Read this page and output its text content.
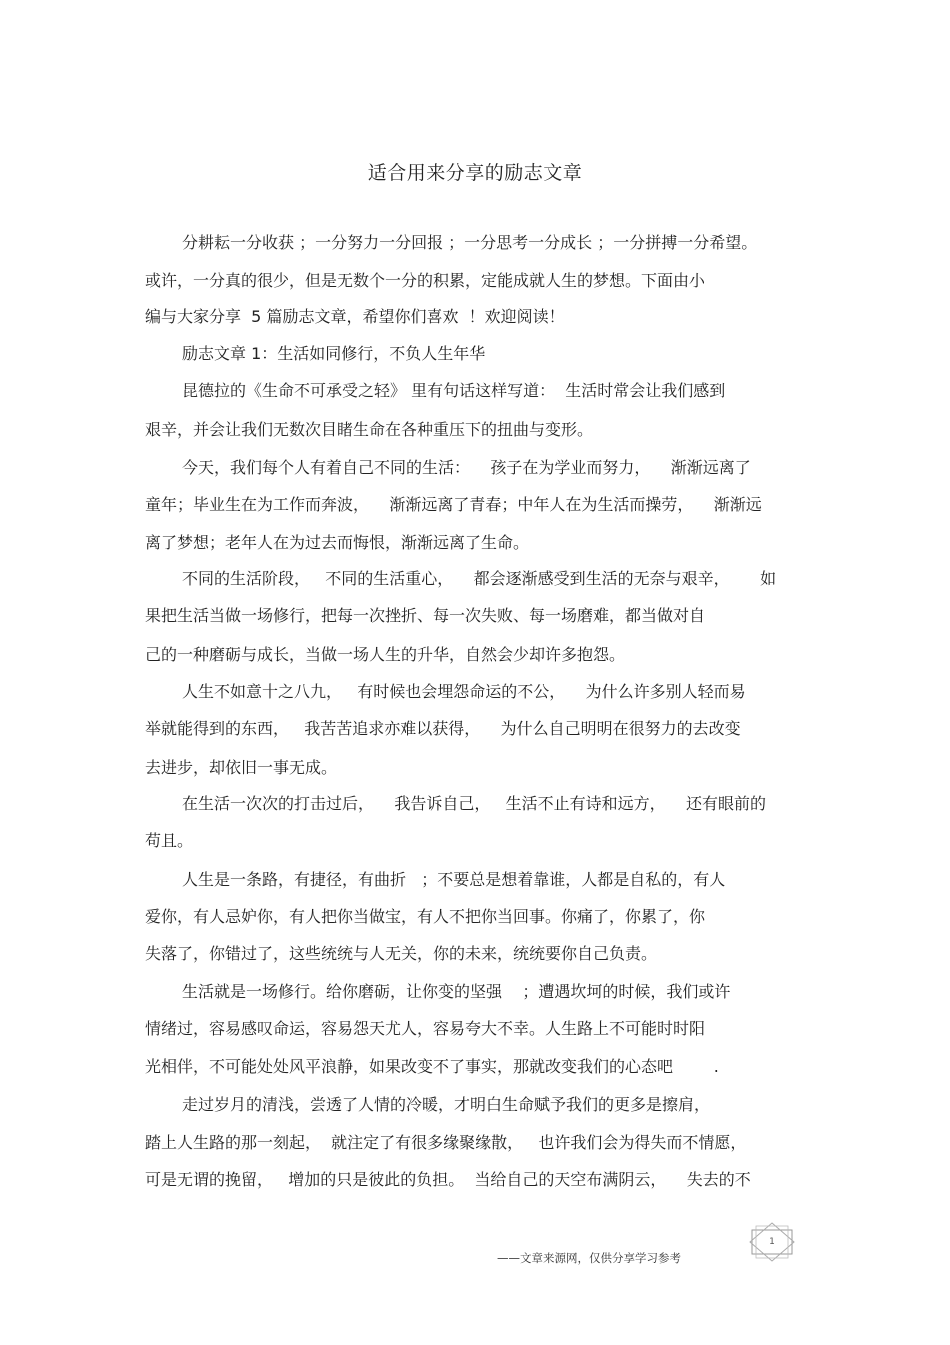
适合用来分享的励志文章
分耕耘一分收获 ；一分努力一分回报 ；一分思考一分成长 ；一分拼搏一分希望。
或许，一分真的很少，但是无数个一分的积累，定能成就人生的梦想。下面由小
编与大家分享  5 篇励志文章，希望你们喜欢  ！欢迎阅读！
励志文章 1：生活如同修行，不负人生年华
昆德拉的《生命不可承受之轻》 里有句话这样写道：  生活时常会让我们感到
艰辛，并会让我们无数次目睹生命在各种重压下的扭曲与变形。
今天，我们每个人有着自己不同的生活：    孩子在为学业而努力，    渐渐远离了
童年；毕业生在为工作而奔波，    渐渐远离了青春；中年人在为生活而操劳，    渐渐远
离了梦想；老年人在为过去而悔恨，渐渐远离了生命。
不同的生活阶段，   不同的生活重心，    都会逐渐感受到生活的无奈与艰辛，      如
果把生活当做一场修行，把每一次挫折、每一次失败、每一场磨难，都当做对自
己的一种磨砺与成长，当做一场人生的升华，自然会少却许多抱怨。
人生不如意十之八九，   有时候也会埋怨命运的不公，    为什么许多别人轻而易
举就能得到的东西，   我苦苦追求亦难以获得，    为什么自己明明在很努力的去改变
去进步，却依旧一事无成。
在生活一次次的打击过后，    我告诉自己，   生活不止有诗和远方，    还有眼前的
苟且。
人生是一条路，有捷径，有曲折   ；不要总是想着靠谁，人都是自私的，有人
爱你，有人忌妒你，有人把你当做宝，有人不把你当回事。你痛了，你累了，你
失落了，你错过了，这些统统与人无关，你的未来，统统要你自己负责。
生活就是一场修行。给你磨砺，让你变的坚强    ；遭遇坎坷的时候，我们或许
情绪过，容易感叹命运，容易怨天尤人，容易夸大不幸。人生路上不可能时时阳
光相伴，不可能处处风平浪静，如果改变不了事实，那就改变我们的心态吧        .
走过岁月的清浅，尝透了人情的冷暖，才明白生命赋予我们的更多是擦肩，
踏上人生路的那一刻起，  就注定了有很多缘聚缘散，   也许我们会为得失而不情愿，
可是无谓的挽留，   增加的只是彼此的负担。  当给自己的天空布满阴云，    失去的不
1
——文章来源网，仅供分享学习参考
